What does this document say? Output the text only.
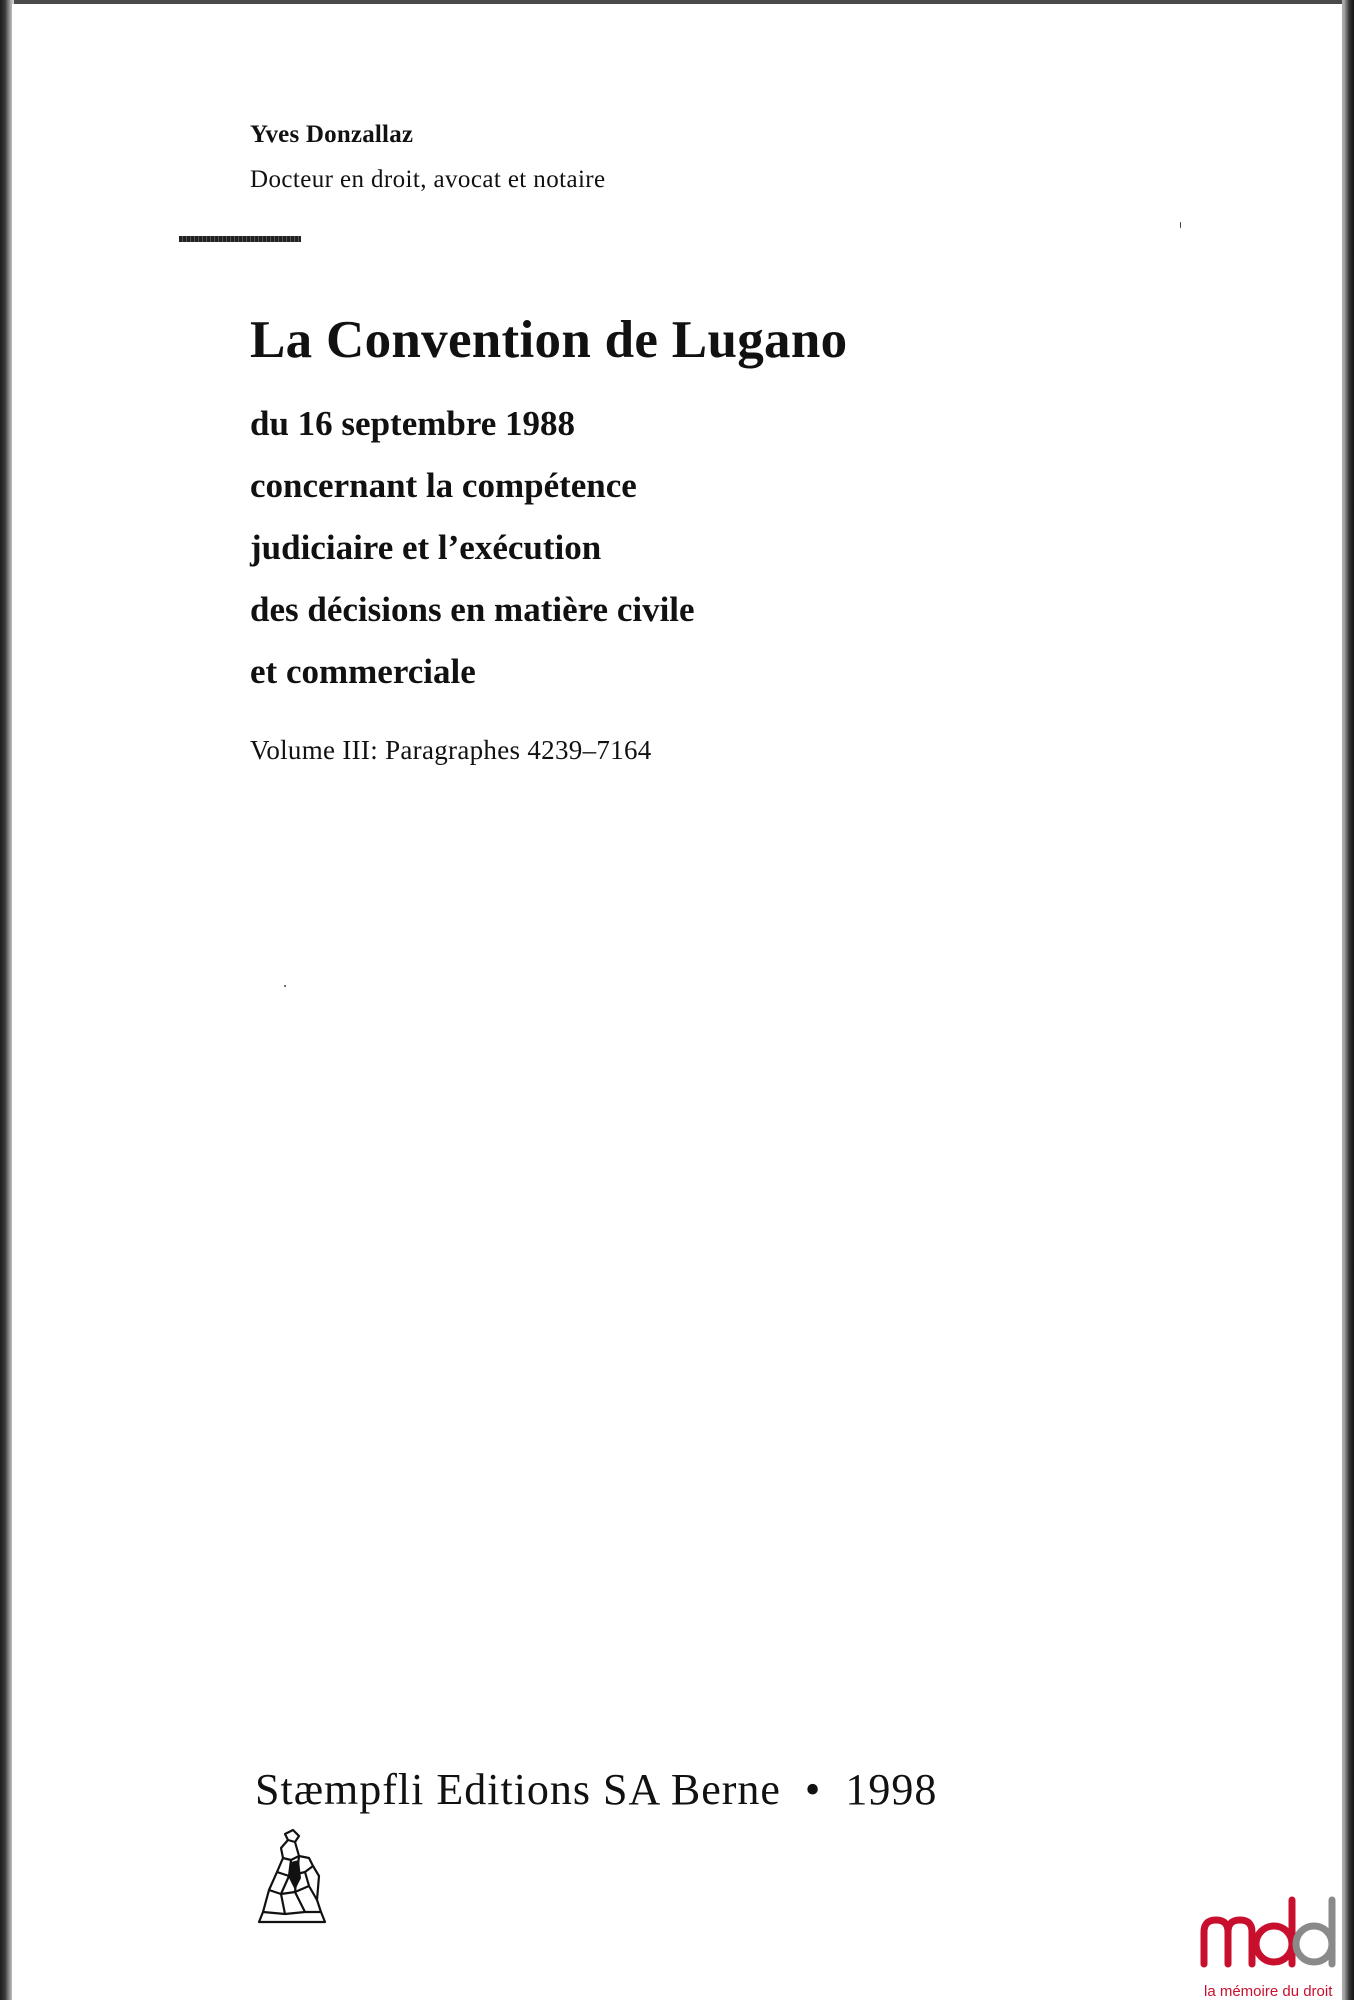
Yves Donzallaz
Docteur en droit, avocat et notaire
La Convention de Lugano
du 16 septembre 1988
concernant la compétence
judiciaire et l’exécution
des décisions en matière civile
et commerciale
Volume III: Paragraphes 4239–7164
Stæmpfli Editions SA Berne  •  1998
la mémoire du droit
